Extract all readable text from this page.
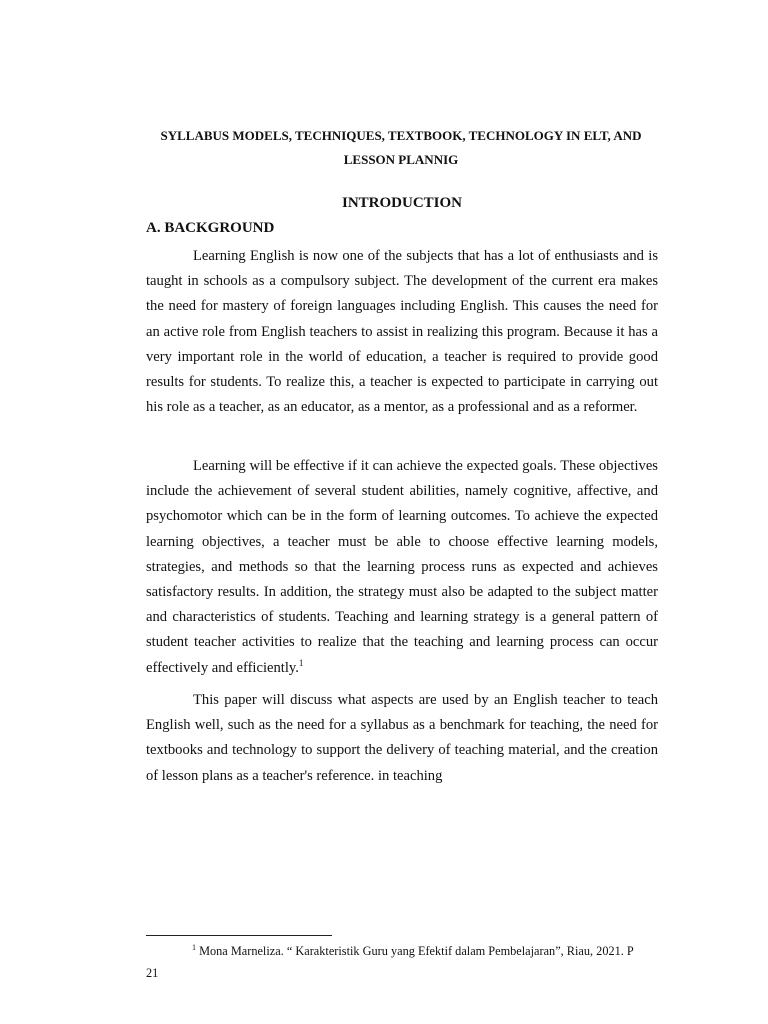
SYLLABUS MODELS, TECHNIQUES, TEXTBOOK, TECHNOLOGY IN ELT, AND
LESSON PLANNIG
INTRODUCTION
A. BACKGROUND

Learning English is now one of the subjects that has a lot of enthusiasts and is taught in schools as a compulsory subject. The development of the current era makes the need for mastery of foreign languages including English. This causes the need for an active role from English teachers to assist in realizing this program. Because it has a very important role in the world of education, a teacher is required to provide good results for students. To realize this, a teacher is expected to participate in carrying out his role as a teacher, as an educator, as a mentor, as a professional and as a reformer.

Learning will be effective if it can achieve the expected goals. These objectives include the achievement of several student abilities, namely cognitive, affective, and psychomotor which can be in the form of learning outcomes. To achieve the expected learning objectives, a teacher must be able to choose effective learning models, strategies, and methods so that the learning process runs as expected and achieves satisfactory results. In addition, the strategy must also be adapted to the subject matter and characteristics of students. Teaching and learning strategy is a general pattern of student teacher activities to realize that the teaching and learning process can occur effectively and efficiently.$^1$

This paper will discuss what aspects are used by an English teacher to teach English well, such as the need for a syllabus as a benchmark for teaching, the need for textbooks and technology to support the delivery of teaching material, and the creation of lesson plans as a teacher's reference. in teaching

$^1$ Mona Marneliza. “ Karakteristik Guru yang Efektif dalam Pembelajaran”, Riau, 2021. P
21
